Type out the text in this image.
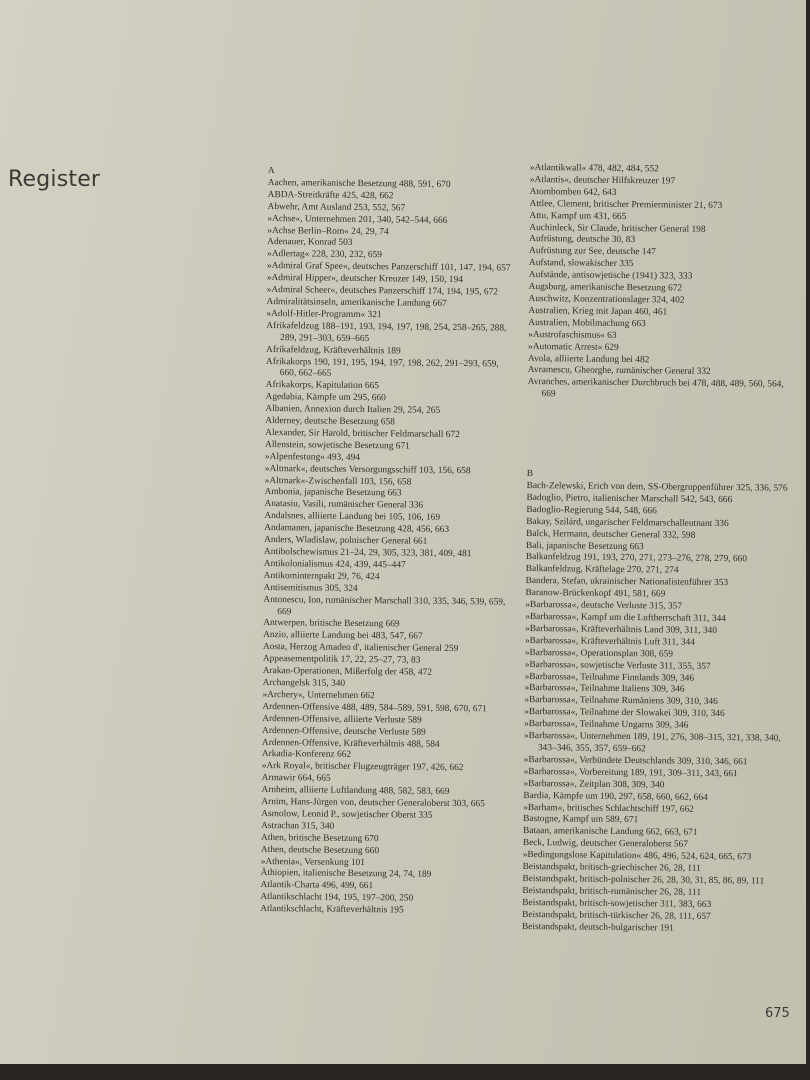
Register	A
Aachen, amerikanische Besetzung 488, 591, 670
ABDA-Streitkräfte 425, 428, 662
Abwehr, Amt Ausland 253, 552, 567
»Achse«, Unternehmen 201, 340, 542–544, 666
»Achse Berlin–Rom« 24, 29, 74
Adenauer, Konrad 503
»Adlertag« 228, 230, 232, 659
»Admiral Graf Spee«, deutsches Panzerschiff 101, 147, 194, 657
»Admiral Hipper«, deutscher Kreuzer 149, 150, 194
»Admiral Scheer«, deutsches Panzerschiff 174, 194, 195, 672
Admiralitätsinseln, amerikanische Landung 667
»Adolf-Hitler-Programm« 321
Afrikafeldzug 188–191, 193, 194, 197, 198, 254, 258–265, 288, 289, 291–303, 659–665
Afrikafeldzug, Kräfteverhältnis 189
Afrikakorps 190, 191, 195, 194, 197, 198, 262, 291–293, 659, 660, 662–665
Afrikakorps, Kapitulation 665
Agedabia, Kämpfe um 295, 660
Albanien, Annexion durch Italien 29, 254, 265
Alderney, deutsche Besetzung 658
Alexander, Sir Harold, britischer Feldmarschall 672
Allenstein, sowjetische Besetzung 671
»Alpenfestung« 493, 494
»Altmark«, deutsches Versorgungsschiff 103, 156, 658
»Altmark«-Zwischenfall 103, 156, 658
Ambonia, japanische Besetzung 663
Anatasiu, Vasili, rumänischer General 336
Andalsnes, alliierte Landung bei 105, 106, 169
Andamanen, japanische Besetzung 428, 456, 663
Anders, Wladislaw, polnischer General 661
Antibolschewismus 21–24, 29, 305, 323, 381, 409, 481
Antikolonialismus 424, 439, 445–447
Antikominternpakt 29, 76, 424
Antisemitismus 305, 324
Antonescu, Ion, rumänischer Marschall 310, 335, 346, 539, 659, 669
Antwerpen, britische Besetzung 669
Anzio, alliierte Landung bei 483, 547, 667
Aosta, Herzog Amadeo d', italienischer General 259
Appeasementpolitik 17, 22, 25–27, 73, 83
Arakan-Operationen, Mißerfolg der 458, 472
Archangelsk 315, 340
»Archery«, Unternehmen 662
Ardennen-Offensive 488, 489, 584–589, 591, 598, 670, 671
Ardennen-Offensive, alliierte Verluste 589
Ardennen-Offensive, deutsche Verluste 589
Ardennen-Offensive, Kräfteverhältnis 488, 584
Arkadia-Konferenz 662
»Ark Royal«, britischer Flugzeugträger 197, 426, 662
Armawir 664, 665
Arnheim, alliierte Luftlandung 488, 582, 583, 669
Arnim, Hans-Jürgen von, deutscher Generaloberst 303, 665
Asmolow, Leonid P., sowjetischer Oberst 335
Astrachan 315, 340
Athen, britische Besetzung 670
Athen, deutsche Besetzung 660
»Athenia«, Versenkung 101
Äthiopien, italienische Besetzung 24, 74, 189
Atlantik-Charta 496, 499, 661
Atlantikschlacht 194, 195, 197–200, 250
Atlantikschlacht, Kräfteverhältnis 195
»Atlantikwall« 478, 482, 484, 552
»Atlantis«, deutscher Hilfskreuzer 197
Atombomben 642, 643
Attlee, Clement, britischer Premierminister 21, 673
Attu, Kampf um 431, 665
Auchinleck, Sir Claude, britischer General 198
Aufrüstung, deutsche 30, 83
Aufrüstung zur See, deutsche 147
Aufstand, slowakischer 335
Aufstände, antisowjetische (1941) 323, 333
Augsburg, amerikanische Besetzung 672
Auschwitz, Konzentrationslager 324, 402
Australien, Krieg mit Japan 460, 461
Australien, Mobilmachung 663
»Austrofaschismus« 63
»Automatic Arrest« 629
Avola, alliierte Landung bei 482
Avramescu, Gheorghe, rumänischer General 332
Avranches, amerikanischer Durchbruch bei 478, 488, 489, 560, 564, 669
B
Bach-Zelewski, Erich von dem, SS-Obergruppenführer 325, 336, 576
Badoglio, Pietro, italienischer Marschall 542, 543, 666
Badoglio-Regierung 544, 548, 666
Bakay, Szilárd, ungarischer Feldmarschalleutnant 336
Balck, Hermann, deutscher General 332, 598
Bali, japanische Besetzung 663
Balkanfeldzug 191, 193, 270, 271, 273–276, 278, 279, 660
Balkanfeldzug, Kräftelage 270, 271, 274
Bandera, Stefan, ukrainischer Nationalistenführer 353
Baranow-Brückenkopf 491, 581, 669
»Barbarossa«, deutsche Verluste 315, 357
»Barbarossa«, Kampf um die Luftherrschaft 311, 344
»Barbarossa«, Kräfteverhältnis Land 309, 311, 340
»Barbarossa«, Kräfteverhältnis Luft 311, 344
»Barbarossa«, Operationsplan 308, 659
»Barbarossa«, sowjetische Verluste 311, 355, 357
»Barbarossa«, Teilnahme Finnlands 309, 346
»Barbarossa«, Teilnahme Italiens 309, 346
»Barbarossa«, Teilnahme Rumäniens 309, 310, 346
»Barbarossa«, Teilnahme der Slowakei 309, 310, 346
»Barbarossa«, Teilnahme Ungarns 309, 346
»Barbarossa«, Unternehmen 189, 191, 276, 308–315, 321, 338, 340, 343–346, 355, 357, 659–662
»Barbarossa«, Verbündete Deutschlands 309, 310, 346, 661
»Barbarossa«, Vorbereitung 189, 191, 309–311, 343, 661
»Barbarossa«, Zeitplan 308, 309, 340
Bardia, Kämpfe um 190, 297, 658, 660, 662, 664
»Barham«, britisches Schlachtschiff 197, 662
Bastogne, Kampf um 589, 671
Bataan, amerikanische Landung 662, 663, 671
Beck, Ludwig, deutscher Generaloberst 567
»Bedingungslose Kapitulation« 486, 496, 524, 624, 665, 673
Beistandspakt, britisch-griechischer 26, 28, 111
Beistandspakt, britisch-polnischer 26, 28, 30, 31, 85, 86, 89, 111
Beistandspakt, britisch-rumänischer 26, 28, 111
Beistandspakt, britisch-sowjetischer 311, 383, 663
Beistandspakt, britisch-türkischer 26, 28, 111, 657
Beistandspakt, deutsch-bulgarischer 191
675
